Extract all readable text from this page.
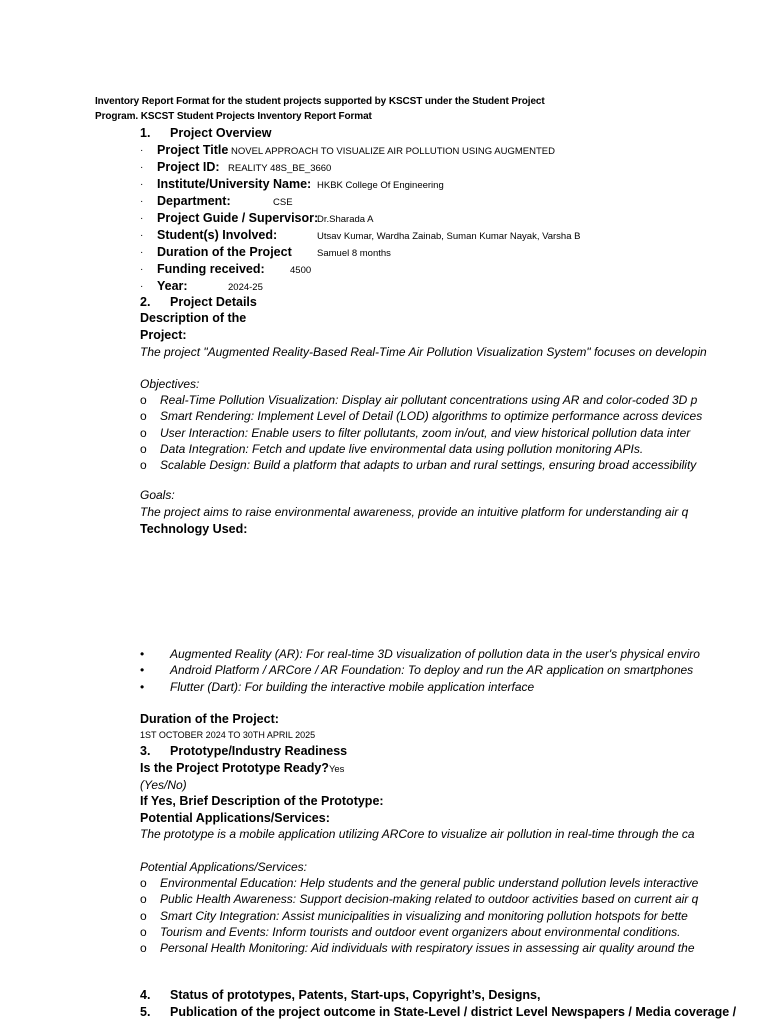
Inventory Report Format for the student projects supported by KSCST under the Student Project
Program. KSCST Student Projects Inventory Report Format
1. Project Overview
· Project Title NOVEL APPROACH TO VISUALIZE AIR POLLUTION USING AUGMENTED
· Project ID: REALITY 48S_BE_3660
· Institute/University Name: HKBK College Of Engineering
· Department:	CSE
· Project Guide / Supervisor:
Dr.Sharada A
· Student(s) Involved:	Utsav Kumar, Wardha Zainab, Suman Kumar Nayak, Varsha B
· Duration of the Project	Samuel 8 months
· Funding received:	4500
· Year:	2024-25
2. Project Details
Description of the
Project:
The project "Augmented Reality-Based Real-Time Air Pollution Visualization System" focuses on developin
Objectives:
o Real-Time Pollution Visualization: Display air pollutant concentrations using AR and color-coded 3D p
o Smart Rendering: Implement Level of Detail (LOD) algorithms to optimize performance across devices
o User Interaction: Enable users to filter pollutants, zoom in/out, and view historical pollution data inter
o Data Integration: Fetch and update live environmental data using pollution monitoring APIs.
o Scalable Design: Build a platform that adapts to urban and rural settings, ensuring broad accessibility
Goals:
The project aims to raise environmental awareness, provide an intuitive platform for understanding air q
Technology Used:
• Augmented Reality (AR): For real-time 3D visualization of pollution data in the user's physical enviro
• Android Platform / ARCore / AR Foundation: To deploy and run the AR application on smartphones
• Flutter (Dart): For building the interactive mobile application interface
Duration of the Project:
1ST OCTOBER 2024 TO 30TH APRIL 2025
3. Prototype/Industry Readiness
Is the Project Prototype Ready?Yes
(Yes/No)
If Yes, Brief Description of the Prototype:
Potential Applications/Services:
The prototype is a mobile application utilizing ARCore to visualize air pollution in real-time through the ca
Potential Applications/Services:
o Environmental Education: Help students and the general public understand pollution levels interactive
o Public Health Awareness: Support decision-making related to outdoor activities based on current air q
o Smart City Integration: Assist municipalities in visualizing and monitoring pollution hotspots for bette
o Tourism and Events: Inform tourists and outdoor event organizers about environmental conditions.
o Personal Health Monitoring: Aid individuals with respiratory issues in assessing air quality around the
4. Status of prototypes, Patents, Start-ups, Copyright’s, Designs,
5. Publication of the project outcome in State-Level / district Level Newspapers / Media coverage /
